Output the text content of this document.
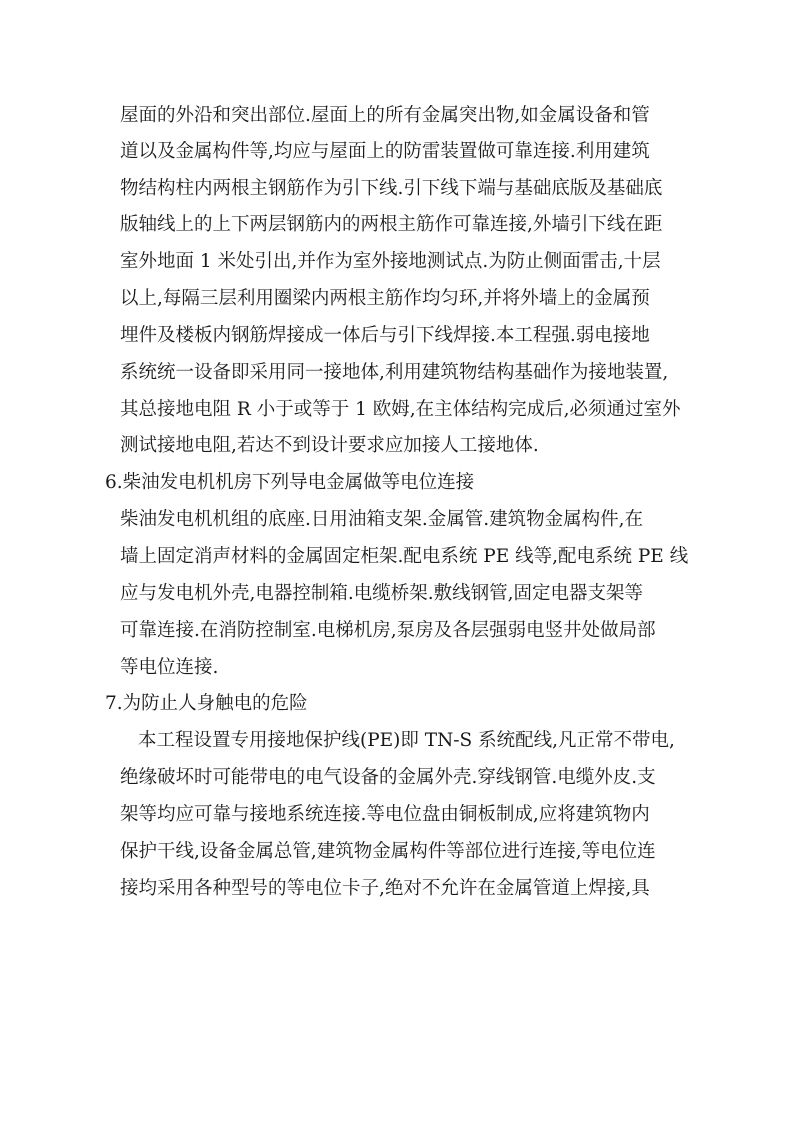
屋面的外沿和突出部位.屋面上的所有金属突出物,如金属设备和管
道以及金属构件等,均应与屋面上的防雷装置做可靠连接.利用建筑
物结构柱内两根主钢筋作为引下线.引下线下端与基础底版及基础底
版轴线上的上下两层钢筋内的两根主筋作可靠连接,外墙引下线在距
室外地面 1 米处引出,并作为室外接地测试点.为防止侧面雷击,十层
以上,每隔三层利用圈梁内两根主筋作均匀环,并将外墙上的金属预
埋件及楼板内钢筋焊接成一体后与引下线焊接.本工程强.弱电接地
系统统一设备即采用同一接地体,利用建筑物结构基础作为接地装置,
其总接地电阻 R 小于或等于 1 欧姆,在主体结构完成后,必须通过室外
测试接地电阻,若达不到设计要求应加接人工接地体.
6.柴油发电机机房下列导电金属做等电位连接
柴油发电机机组的底座.日用油箱支架.金属管.建筑物金属构件,在
墙上固定消声材料的金属固定柜架.配电系统 PE 线等,配电系统 PE 线
应与发电机外壳,电器控制箱.电缆桥架.敷线钢管,固定电器支架等
可靠连接.在消防控制室.电梯机房,泵房及各层强弱电竖井处做局部
等电位连接.
7.为防止人身触电的危险
本工程设置专用接地保护线(PE)即 TN-S 系统配线,凡正常不带电,
绝缘破坏时可能带电的电气设备的金属外壳.穿线钢管.电缆外皮.支
架等均应可靠与接地系统连接.等电位盘由铜板制成,应将建筑物内
保护干线,设备金属总管,建筑物金属构件等部位进行连接,等电位连
接均采用各种型号的等电位卡子,绝对不允许在金属管道上焊接,具
